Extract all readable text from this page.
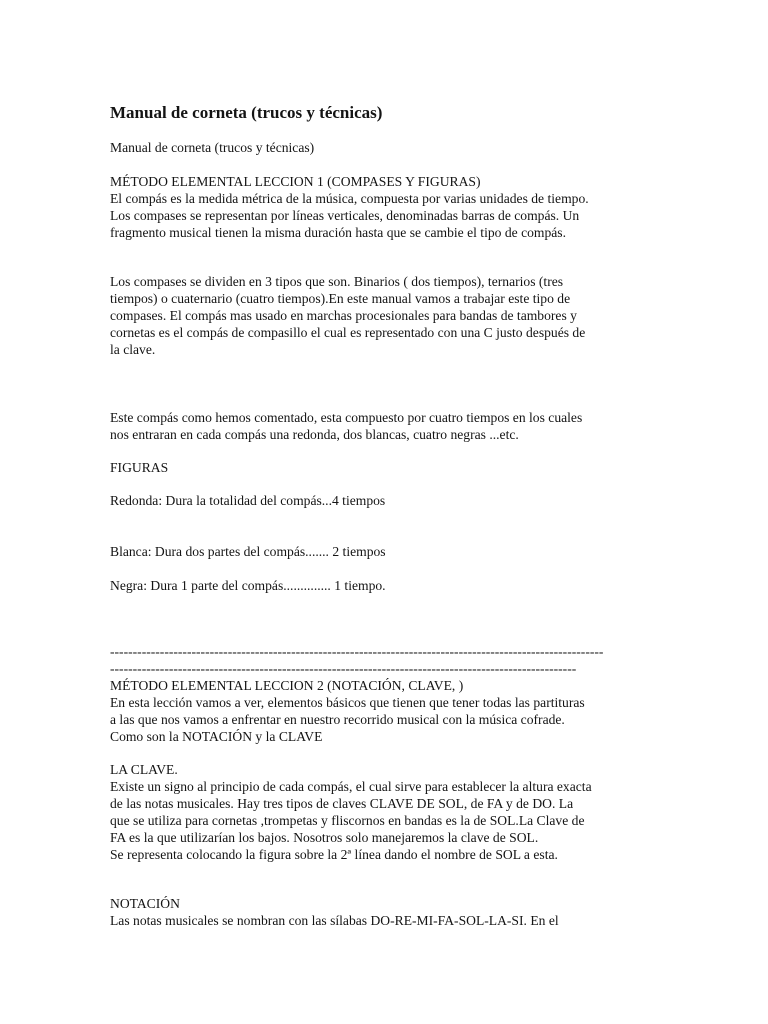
Manual de corneta (trucos y técnicas)

Manual de corneta (trucos y técnicas)

MÉTODO ELEMENTAL LECCION 1 (COMPASES Y FIGURAS)

El compás es la medida métrica de la música, compuesta por varias unidades de tiempo.
Los compases se representan por líneas verticales, denominadas barras de compás. Un
fragmento musical tienen la misma duración hasta que se cambie el tipo de compás.

Los compases se dividen en 3 tipos que son. Binarios ( dos tiempos), ternarios (tres
tiempos) o cuaternario (cuatro tiempos).En este manual vamos a trabajar este tipo de
compases. El compás mas usado en marchas procesionales para bandas de tambores y
cornetas es el compás de compasillo el cual es representado con una C justo después de
la clave.

Este compás como hemos comentado, esta compuesto por cuatro tiempos en los cuales
nos entraran en cada compás una redonda, dos blancas, cuatro negras ...etc.

FIGURAS

Redonda: Dura la totalidad del compás...4 tiempos

Blanca: Dura dos partes del compás....... 2 tiempos

Negra: Dura 1 parte del compás.............. 1 tiempo.

-------------------------------------------------------------------------------------------------------------

-------------------------------------------------------------------------------------------------------

MÉTODO ELEMENTAL LECCION 2 (NOTACIÓN, CLAVE, )

En esta lección vamos a ver, elementos básicos que tienen que tener todas las partituras
a las que nos vamos a enfrentar en nuestro recorrido musical con la música cofrade.
Como son la NOTACIÓN y la CLAVE

LA CLAVE.

Existe un signo al principio de cada compás, el cual sirve para establecer la altura exacta
de las notas musicales. Hay tres tipos de claves CLAVE DE SOL, de FA y de DO. La
que se utiliza para cornetas ,trompetas y fliscornos en bandas es la de SOL.La Clave de
FA es la que utilizarían los bajos. Nosotros solo manejaremos la clave de SOL.
Se representa colocando la figura sobre la 2ª línea dando el nombre de SOL a esta.

NOTACIÓN

Las notas musicales se nombran con las sílabas DO-RE-MI-FA-SOL-LA-SI. En el
